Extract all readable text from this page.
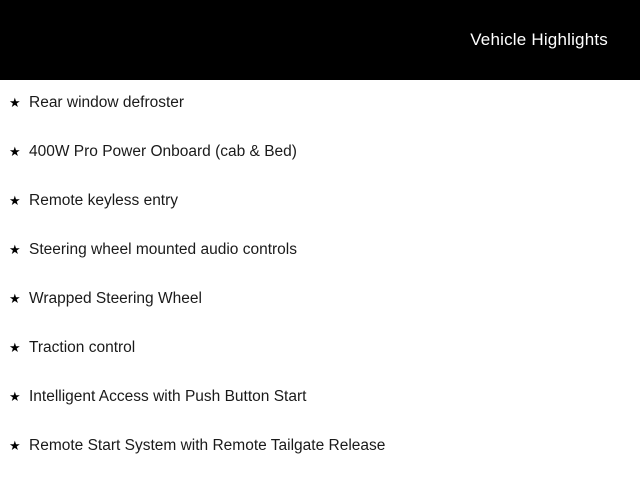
Vehicle Highlights
★ Rear window defroster
★ 400W Pro Power Onboard (cab & Bed)
★ Remote keyless entry
★ Steering wheel mounted audio controls
★ Wrapped Steering Wheel
★ Traction control
★ Intelligent Access with Push Button Start
★ Remote Start System with Remote Tailgate Release
